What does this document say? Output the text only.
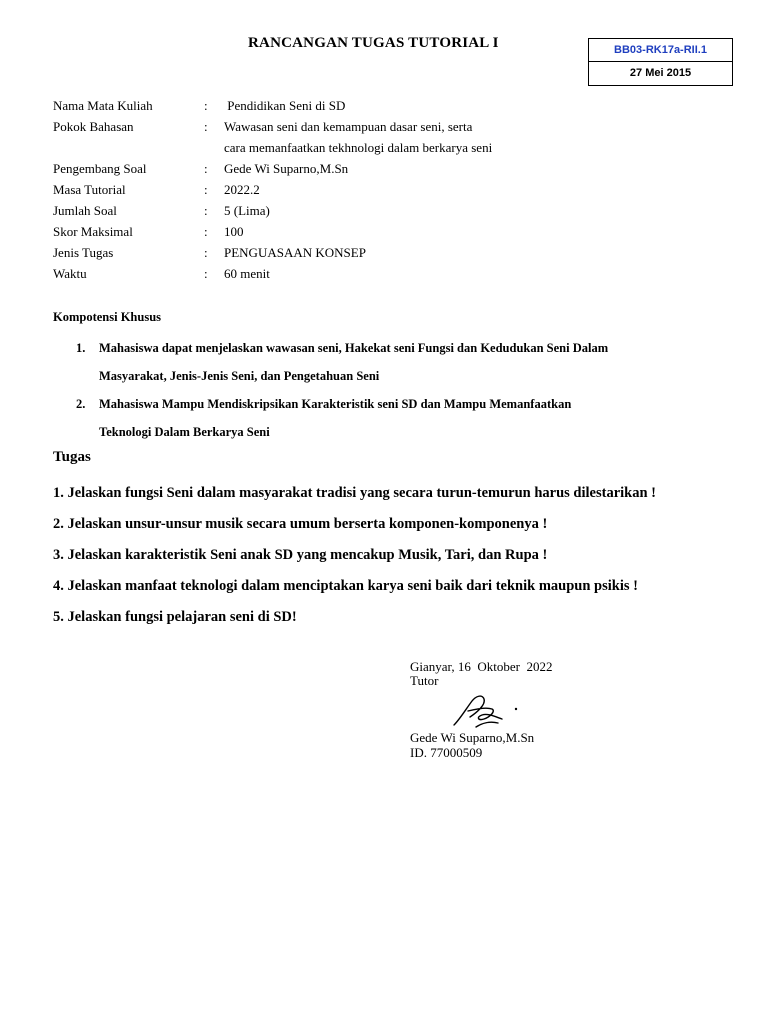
RANCANGAN TUGAS TUTORIAL I	BB03-RK17a-RII.1
27 Mei 2015
Nama Mata Kuliah	: Pendidikan Seni di SD
Pokok Bahasan	: Wawasan seni dan kemampuan dasar seni, serta
cara memanfaatkan tekhnologi dalam berkarya seni
Pengembang Soal	: Gede Wi Suparno,M.Sn
Masa Tutorial	: 2022.2
Jumlah Soal	: 5 (Lima)
Skor Maksimal	: 100
Jenis Tugas	: PENGUASAAN KONSEP
Waktu	: 60 menit
Kompotensi Khusus
1. Mahasiswa dapat menjelaskan wawasan seni, Hakekat seni Fungsi dan Kedudukan Seni Dalam
Masyarakat, Jenis-Jenis Seni, dan Pengetahuan Seni
2. Mahasiswa Mampu Mendiskripsikan Karakteristik seni SD dan Mampu Memanfaatkan
Teknologi Dalam Berkarya Seni
Tugas
1. Jelaskan fungsi Seni dalam masyarakat tradisi yang secara turun-temurun harus dilestarikan !
2. Jelaskan unsur-unsur musik secara umum berserta komponen-komponenya !
3. Jelaskan karakteristik Seni anak SD yang mencakup Musik, Tari, dan Rupa !
4. Jelaskan manfaat teknologi dalam menciptakan karya seni baik dari teknik maupun psikis !
5. Jelaskan fungsi pelajaran seni di SD!
Gianyar, 16  Oktober  2022
Tutor
Gede Wi Suparno,M.Sn
ID. 77000509
